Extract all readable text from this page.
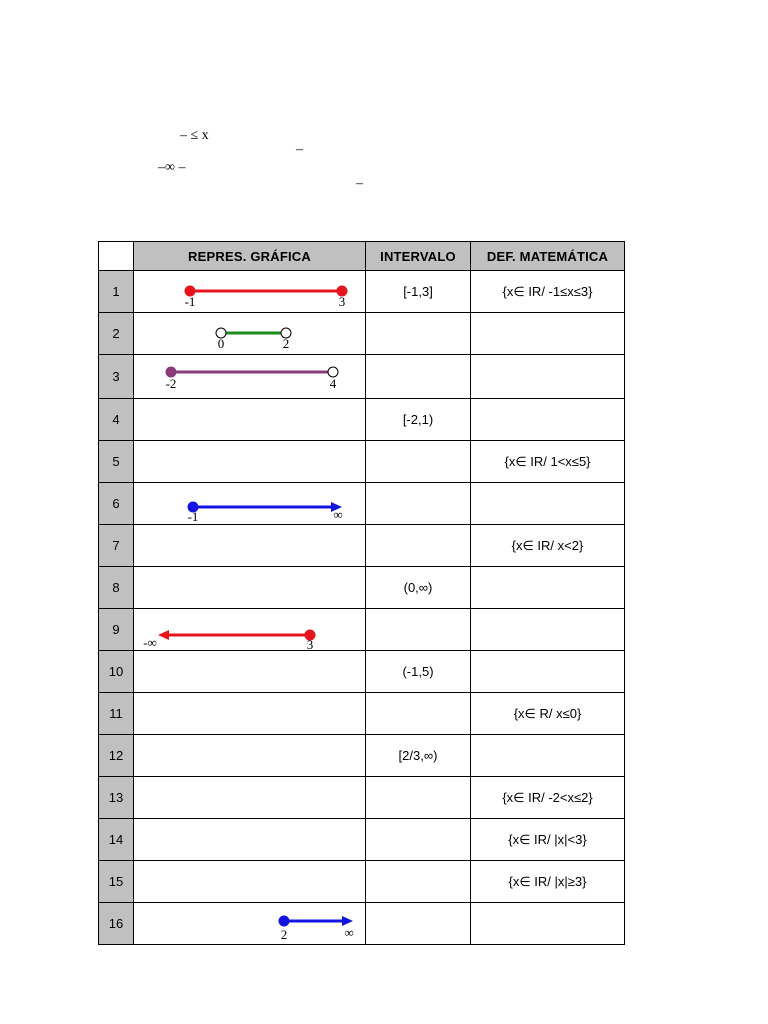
– ≤ x
–
–∞ –
–
	REPRES. GRÁFICA	INTERVALO	DEF. MATEMÁTICA
1	-1 3	[-1,3]	{x∈ IR/ -1≤x≤3}
2	0 2		

3	-2 4		

4		[-2,1)	
5			{x∈ IR/ 1<x≤5}
6	-1 ∞		

7			{x∈ IR/ x<2}
8		(0,∞)	
9	-∞ 3		

10		(-1,5)	
11			{x∈ R/ x≤0}
12		[2/3,∞)	
13			{x∈ IR/ -2<x≤2}
14			{x∈ IR/ |x|<3}
15			{x∈ IR/ |x|≥3}
16	2 ∞		
